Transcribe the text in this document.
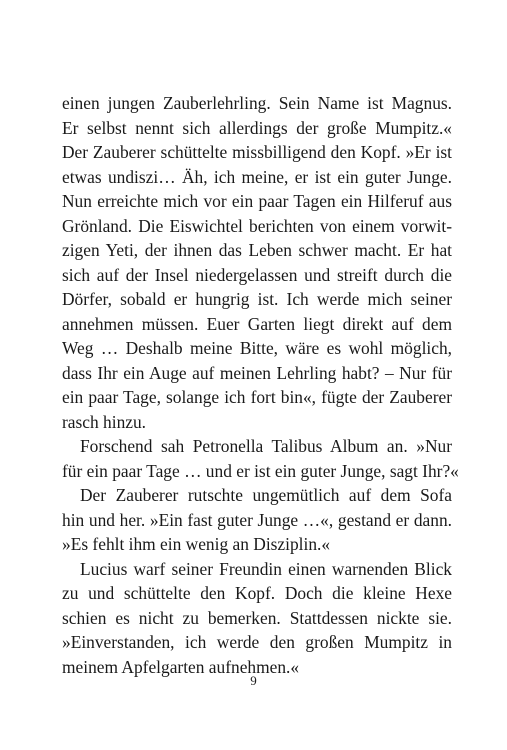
einen jungen Zauberlehrling. Sein Name ist Magnus.
Er selbst nennt sich allerdings der große Mumpitz.«
Der Zauberer schüttelte missbilligend den Kopf. »Er ist
etwas undiszi… Äh, ich meine, er ist ein guter Junge.
Nun erreichte mich vor ein paar Tagen ein Hilferuf aus
Grönland. Die Eiswichtel berichten von einem vorwit-
zigen Yeti, der ihnen das Leben schwer macht. Er hat
sich auf der Insel niedergelassen und streift durch die
Dörfer, sobald er hungrig ist. Ich werde mich seiner
annehmen müssen. Euer Garten liegt direkt auf dem
Weg … Deshalb meine Bitte, wäre es wohl möglich,
dass Ihr ein Auge auf meinen Lehrling habt? – Nur für
ein paar Tage, solange ich fort bin«, fügte der Zauberer
rasch hinzu.
Forschend sah Petronella Talibus Album an. »Nur
für ein paar Tage … und er ist ein guter Junge, sagt Ihr?«
Der Zauberer rutschte ungemütlich auf dem Sofa
hin und her. »Ein fast guter Junge …«, gestand er dann.
»Es fehlt ihm ein wenig an Disziplin.«
Lucius warf seiner Freundin einen warnenden Blick
zu und schüttelte den Kopf. Doch die kleine Hexe
schien es nicht zu bemerken. Stattdessen nickte sie.
»Einverstanden, ich werde den großen Mumpitz in
meinem Apfelgarten aufnehmen.«
9
